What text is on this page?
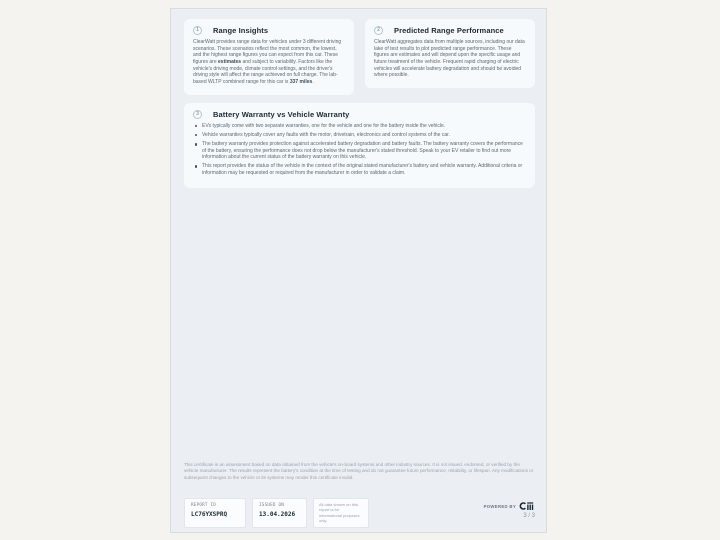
1	Range Insights
ClearWatt provides range data for vehicles under 3 different driving scenarios. These scenarios reflect the most common, the lowest, and the highest range figures you can expect from this car. These figures are estimates and subject to variability. Factors like the vehicle's driving mode, climate control settings, and the driver's driving style will affect the range achieved on full charge. The lab-based WLTP combined range for this car is 337 miles.
2	Predicted Range Performance
ClearWatt aggregates data from multiple sources, including our data lake of test results to plot predicted range performance. These figures are estimates and will depend upon the specific usage and future treatment of the vehicle. Frequent rapid charging of electric vehicles will accelerate battery degradation and should be avoided where possible.
3	Battery Warranty vs Vehicle Warranty
EVs typically come with two separate warranties, one for the vehicle and one for the battery inside the vehicle.
Vehicle warranties typically cover any faults with the motor, drivetrain, electronics and control systems of the car.
The battery warranty provides protection against accelerated battery degradation and battery faults. The battery warranty covers the performance of the battery, ensuring the performance does not drop below the manufacturer's stated threshold. Speak to your EV retailer to find out more information about the current status of the battery warranty on this vehicle.
This report provides the status of the vehicle in the context of the original stated manufacturer's battery and vehicle warranty. Additional criteria or information may be requested or required from the manufacturer in order to validate a claim.
This certificate is an assessment based on data obtained from the vehicle's on-board systems and other industry sources. It is not issued, endorsed, or verified by the vehicle manufacturer. The results represent the battery's condition at the time of testing and do not guarantee future performance, reliability, or lifespan. Any modifications or subsequent changes to the vehicle or its systems may render this certificate invalid.
REPORT ID
LC76YXSPRQ
ISSUED ON
13.04.2026
All data shown on this report is for informational purposes only.
POWERED BY
3 / 3
